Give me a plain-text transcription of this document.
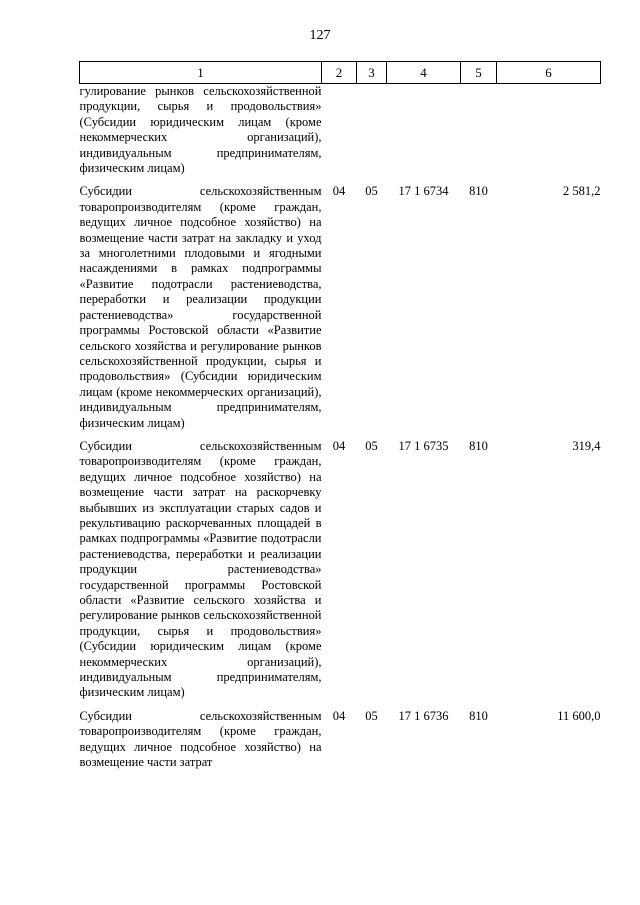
127
1	2	3	4	5	6

гулирование рынков сельскохозяйственной продукции, сырья и продовольствия» (Субсидии юридическим лицам (кроме некоммерческих организаций), индивидуальным предпринимателям, физическим лицам)					

Субсидии сельскохозяйственным товаропроизводителям (кроме граждан, ведущих личное подсобное хозяйство) на возмещение части затрат на закладку и уход за многолетними плодовыми и ягодными насаждениями в рамках подпрограммы «Развитие подотрасли растениеводства, переработки и реализации продукции растениеводства» государственной программы Ростовской области «Развитие сельского хозяйства и регулирование рынков сельскохозяйственной продукции, сырья и продовольствия» (Субсидии юридическим лицам (кроме некоммерческих организаций), индивидуальным предпринимателям, физическим лицам)	04	05	17 1 6734	810	2 581,2

Субсидии сельскохозяйственным товаропроизводителям (кроме граждан, ведущих личное подсобное хозяйство) на возмещение части затрат на раскорчевку выбывших из эксплуатации старых садов и рекультивацию раскорчеванных площадей в рамках подпрограммы «Развитие подотрасли растениеводства, переработки и реализации продукции растениеводства» государственной программы Ростовской области «Развитие сельского хозяйства и регулирование рынков сельскохозяйственной продукции, сырья и продовольствия» (Субсидии юридическим лицам (кроме некоммерческих организаций), индивидуальным предпринимателям, физическим лицам)	04	05	17 1 6735	810	319,4

Субсидии сельскохозяйственным товаропроизводителям (кроме граждан, ведущих личное подсобное хозяйство) на возмещение части затрат	04	05	17 1 6736	810	11 600,0
